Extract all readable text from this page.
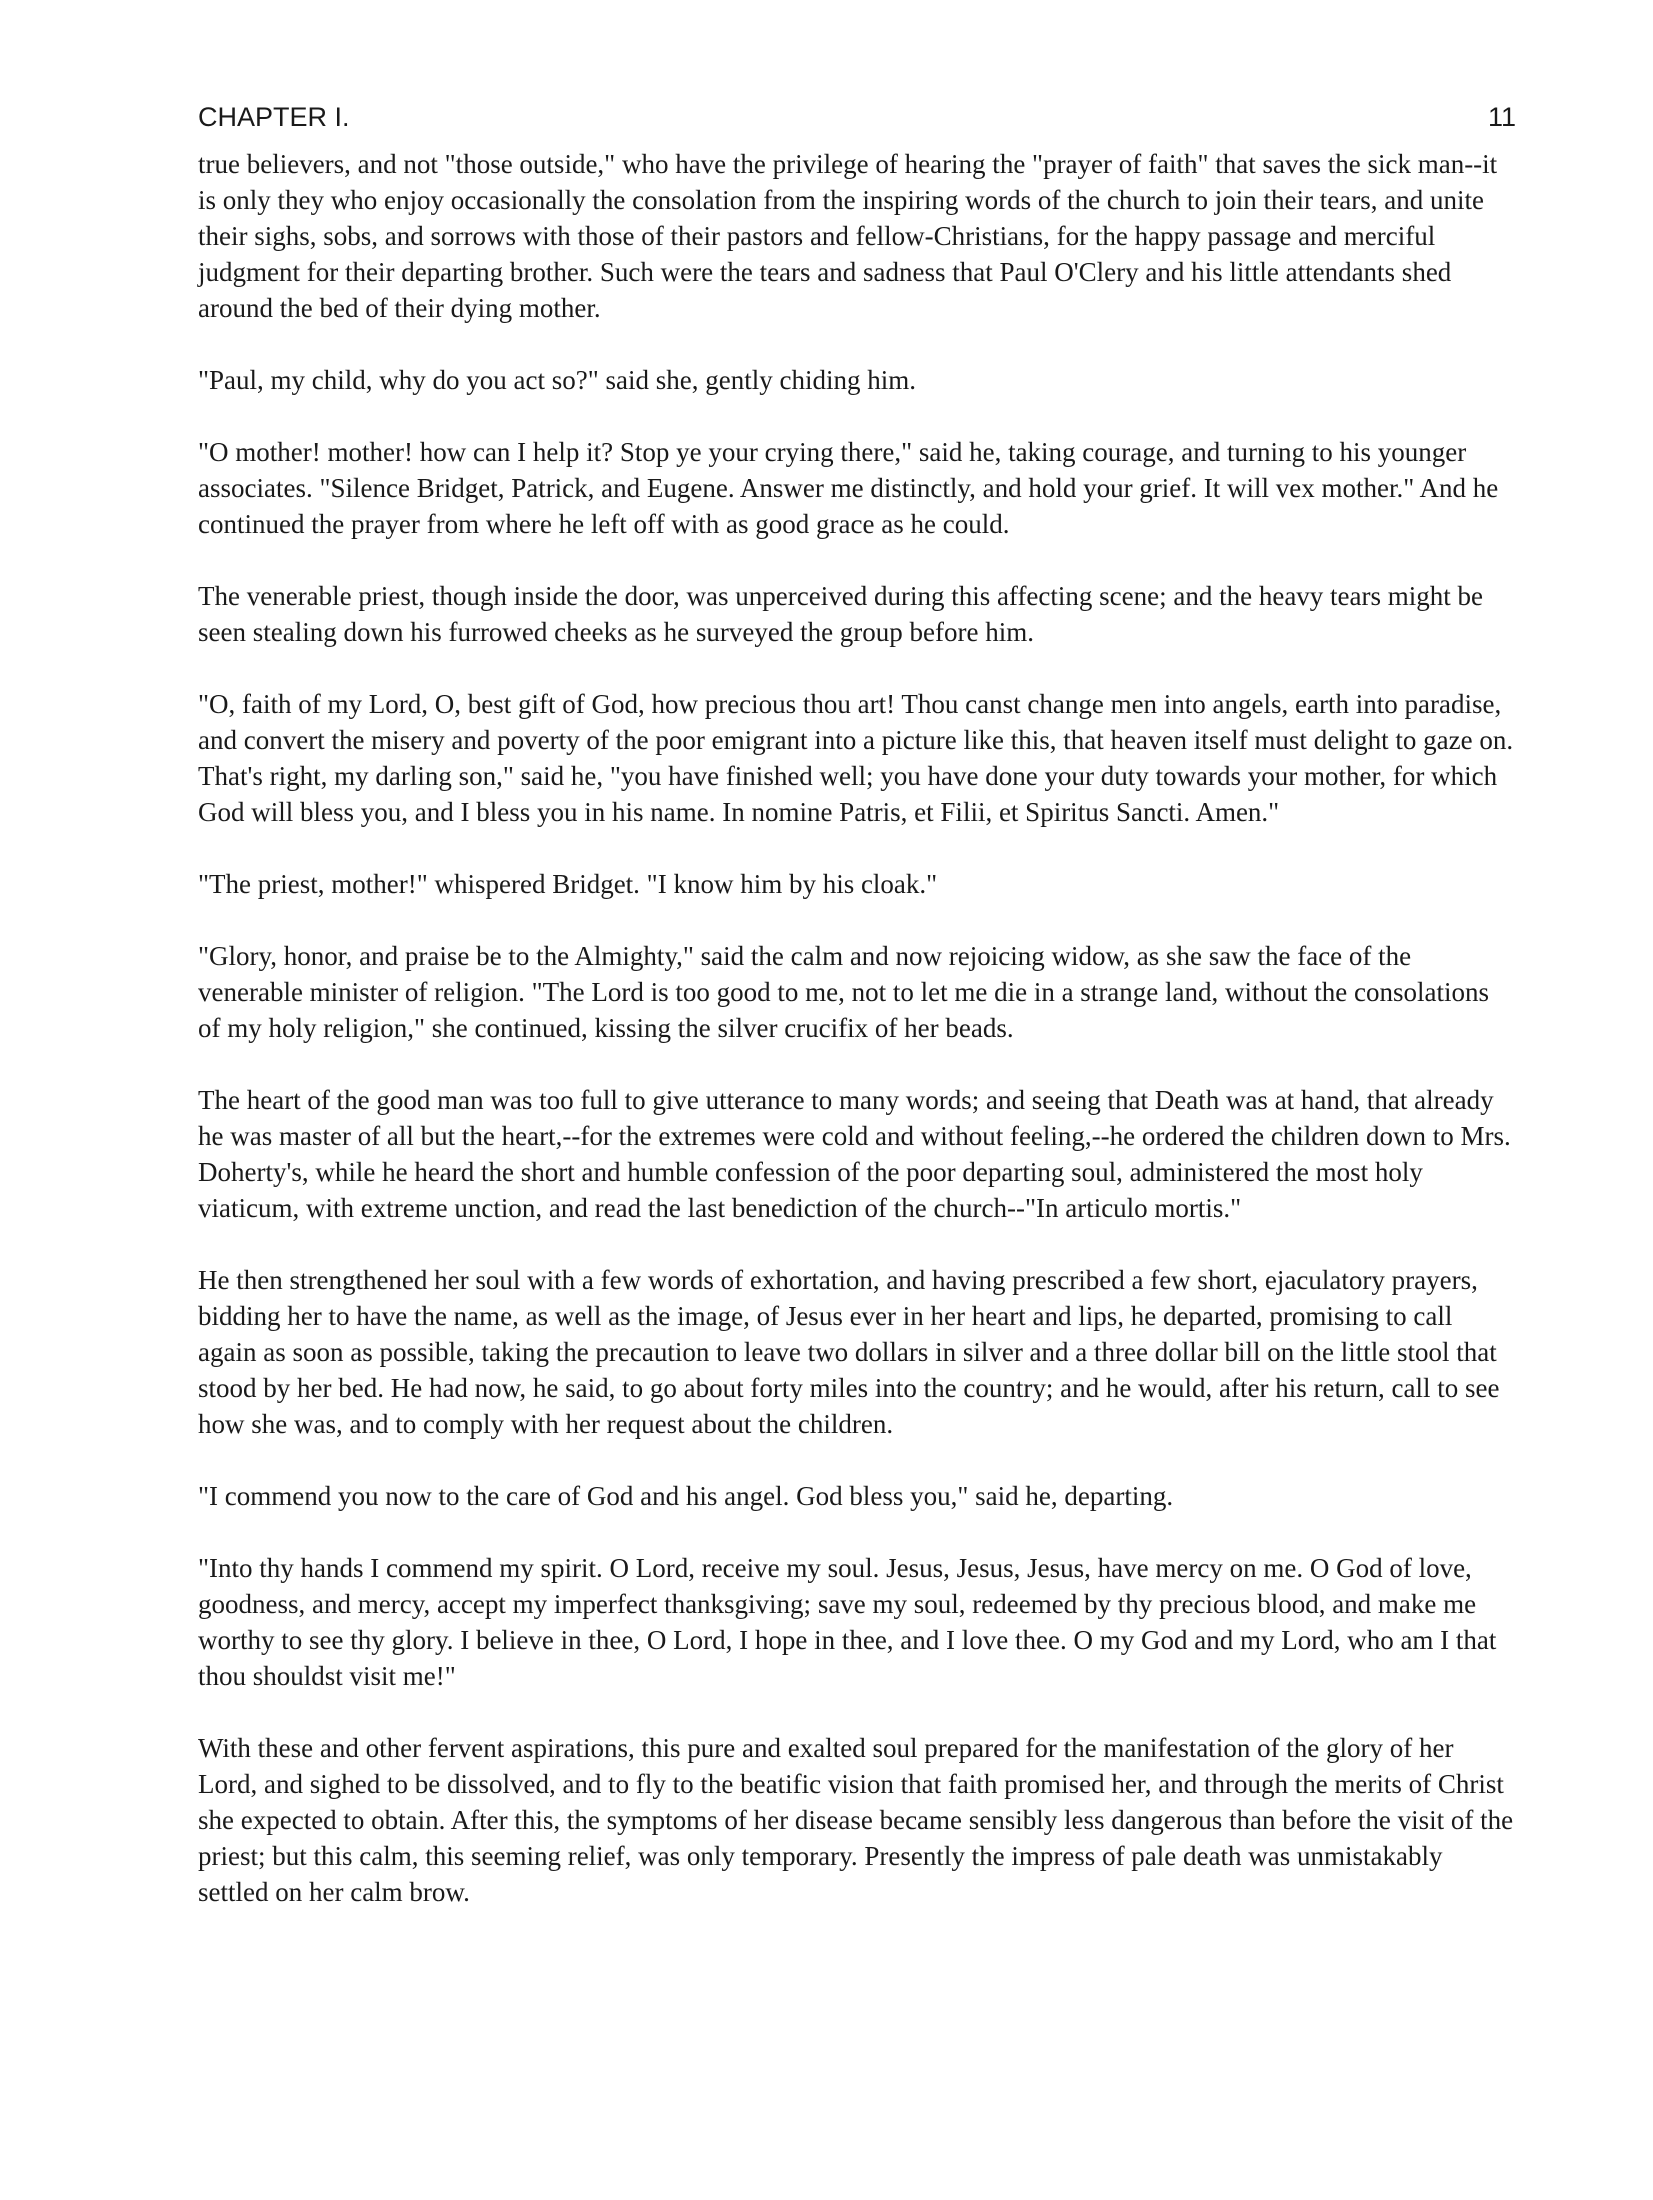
CHAPTER I.	11

true believers, and not "those outside," who have the privilege of hearing the "prayer of faith" that saves the sick man--it is only they who enjoy occasionally the consolation from the inspiring words of the church to join their tears, and unite their sighs, sobs, and sorrows with those of their pastors and fellow-Christians, for the happy passage and merciful judgment for their departing brother. Such were the tears and sadness that Paul O'Clery and his little attendants shed around the bed of their dying mother.

"Paul, my child, why do you act so?" said she, gently chiding him.

"O mother! mother! how can I help it? Stop ye your crying there," said he, taking courage, and turning to his younger associates. "Silence Bridget, Patrick, and Eugene. Answer me distinctly, and hold your grief. It will vex mother." And he continued the prayer from where he left off with as good grace as he could.

The venerable priest, though inside the door, was unperceived during this affecting scene; and the heavy tears might be seen stealing down his furrowed cheeks as he surveyed the group before him.

"O, faith of my Lord, O, best gift of God, how precious thou art! Thou canst change men into angels, earth into paradise, and convert the misery and poverty of the poor emigrant into a picture like this, that heaven itself must delight to gaze on. That's right, my darling son," said he, "you have finished well; you have done your duty towards your mother, for which God will bless you, and I bless you in his name. In nomine Patris, et Filii, et Spiritus Sancti. Amen."

"The priest, mother!" whispered Bridget. "I know him by his cloak."

"Glory, honor, and praise be to the Almighty," said the calm and now rejoicing widow, as she saw the face of the venerable minister of religion. "The Lord is too good to me, not to let me die in a strange land, without the consolations of my holy religion," she continued, kissing the silver crucifix of her beads.

The heart of the good man was too full to give utterance to many words; and seeing that Death was at hand, that already he was master of all but the heart,--for the extremes were cold and without feeling,--he ordered the children down to Mrs. Doherty's, while he heard the short and humble confession of the poor departing soul, administered the most holy viaticum, with extreme unction, and read the last benediction of the church--"In articulo mortis."

He then strengthened her soul with a few words of exhortation, and having prescribed a few short, ejaculatory prayers, bidding her to have the name, as well as the image, of Jesus ever in her heart and lips, he departed, promising to call again as soon as possible, taking the precaution to leave two dollars in silver and a three dollar bill on the little stool that stood by her bed. He had now, he said, to go about forty miles into the country; and he would, after his return, call to see how she was, and to comply with her request about the children.

"I commend you now to the care of God and his angel. God bless you," said he, departing.

"Into thy hands I commend my spirit. O Lord, receive my soul. Jesus, Jesus, Jesus, have mercy on me. O God of love, goodness, and mercy, accept my imperfect thanksgiving; save my soul, redeemed by thy precious blood, and make me worthy to see thy glory. I believe in thee, O Lord, I hope in thee, and I love thee. O my God and my Lord, who am I that thou shouldst visit me!"

With these and other fervent aspirations, this pure and exalted soul prepared for the manifestation of the glory of her Lord, and sighed to be dissolved, and to fly to the beatific vision that faith promised her, and through the merits of Christ she expected to obtain. After this, the symptoms of her disease became sensibly less dangerous than before the visit of the priest; but this calm, this seeming relief, was only temporary. Presently the impress of pale death was unmistakably settled on her calm brow.
